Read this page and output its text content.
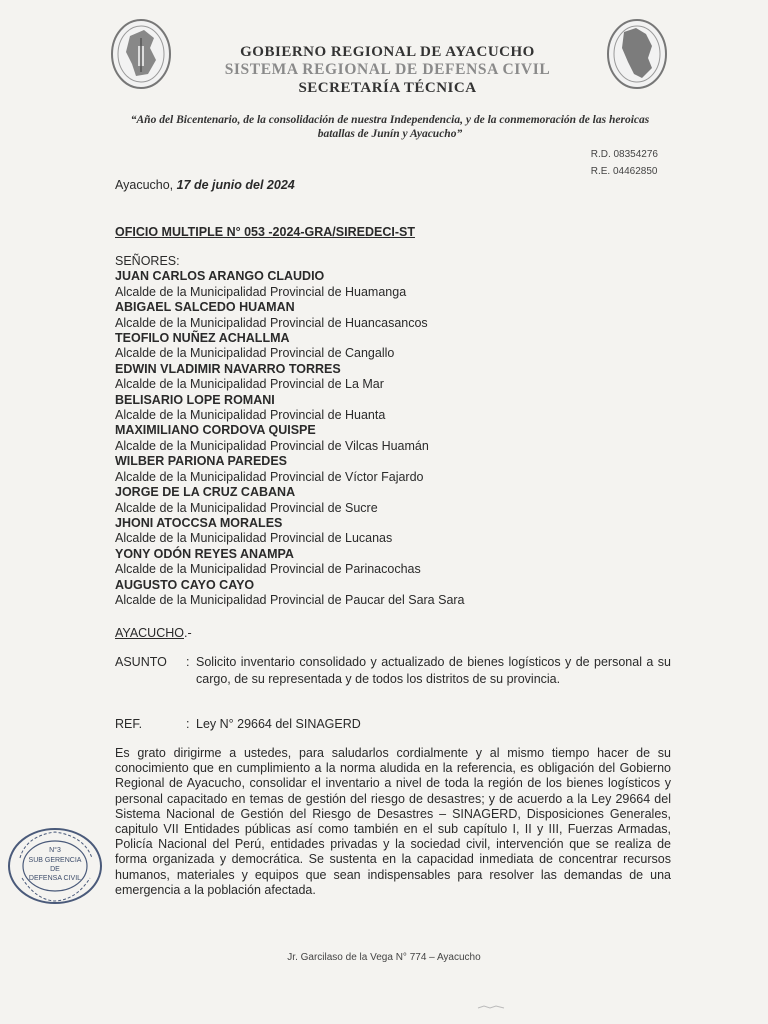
GOBIERNO REGIONAL DE AYACUCHO
SISTEMA REGIONAL DE DEFENSA CIVIL
SECRETARÍA TÉCNICA
“Año del Bicentenario, de la consolidación de nuestra Independencia, y de la conmemoración de las heroicas
batallas de Junín y Ayacucho”
R.D. 08354276
R.E. 04462850
Ayacucho, 17 de junio del 2024
OFICIO MULTIPLE N° 053 -2024-GRA/SIREDECI-ST
SEÑORES:
JUAN CARLOS ARANGO CLAUDIO
Alcalde de la Municipalidad Provincial de Huamanga
ABIGAEL SALCEDO HUAMAN
Alcalde de la Municipalidad Provincial de Huancasancos
TEOFILO NUÑEZ ACHALLMA
Alcalde de la Municipalidad Provincial de Cangallo
EDWIN VLADIMIR NAVARRO TORRES
Alcalde de la Municipalidad Provincial de La Mar
BELISARIO LOPE ROMANI
Alcalde de la Municipalidad Provincial de Huanta
MAXIMILIANO CORDOVA QUISPE
Alcalde de la Municipalidad Provincial de Vilcas Huamán
WILBER PARIONA PAREDES
Alcalde de la Municipalidad Provincial de Víctor Fajardo
JORGE DE LA CRUZ CABANA
Alcalde de la Municipalidad Provincial de Sucre
JHONI ATOCCSA MORALES
Alcalde de la Municipalidad Provincial de Lucanas
YONY ODÓN REYES ANAMPA
Alcalde de la Municipalidad Provincial de Parinacochas
AUGUSTO CAYO CAYO
Alcalde de la Municipalidad Provincial de Paucar del Sara Sara
AYACUCHO.-
ASUNTO	: Solicito inventario consolidado y actualizado de bienes logísticos y de personal a su cargo, de su representada y de todos los distritos de su provincia.
REF.	: Ley N° 29664 del SINAGERD
Es grato dirigirme a ustedes, para saludarlos cordialmente y al mismo tiempo hacer de su conocimiento que en cumplimiento a la norma aludida en la referencia, es obligación del Gobierno Regional de Ayacucho, consolidar el inventario a nivel de toda la región de los bienes logísticos y personal capacitado en temas de gestión del riesgo de desastres; y de acuerdo a la Ley 29664 del Sistema Nacional de Gestión del Riesgo de Desastres – SINAGERD, Disposiciones Generales, capitulo VII Entidades públicas así como también en el sub capítulo I, II y III, Fuerzas Armadas, Policía Nacional del Perú, entidades privadas y la sociedad civil, intervención que se realiza de forma organizada y democrática. Se sustenta en la capacidad inmediata de concentrar recursos humanos, materiales y equipos que sean indispensables para resolver las demandas de una emergencia a la población afectada.
N°3
SUB GERENCIA
DE
DEFENSA CIVIL
Jr. Garcilaso de la Vega N° 774 – Ayacucho
